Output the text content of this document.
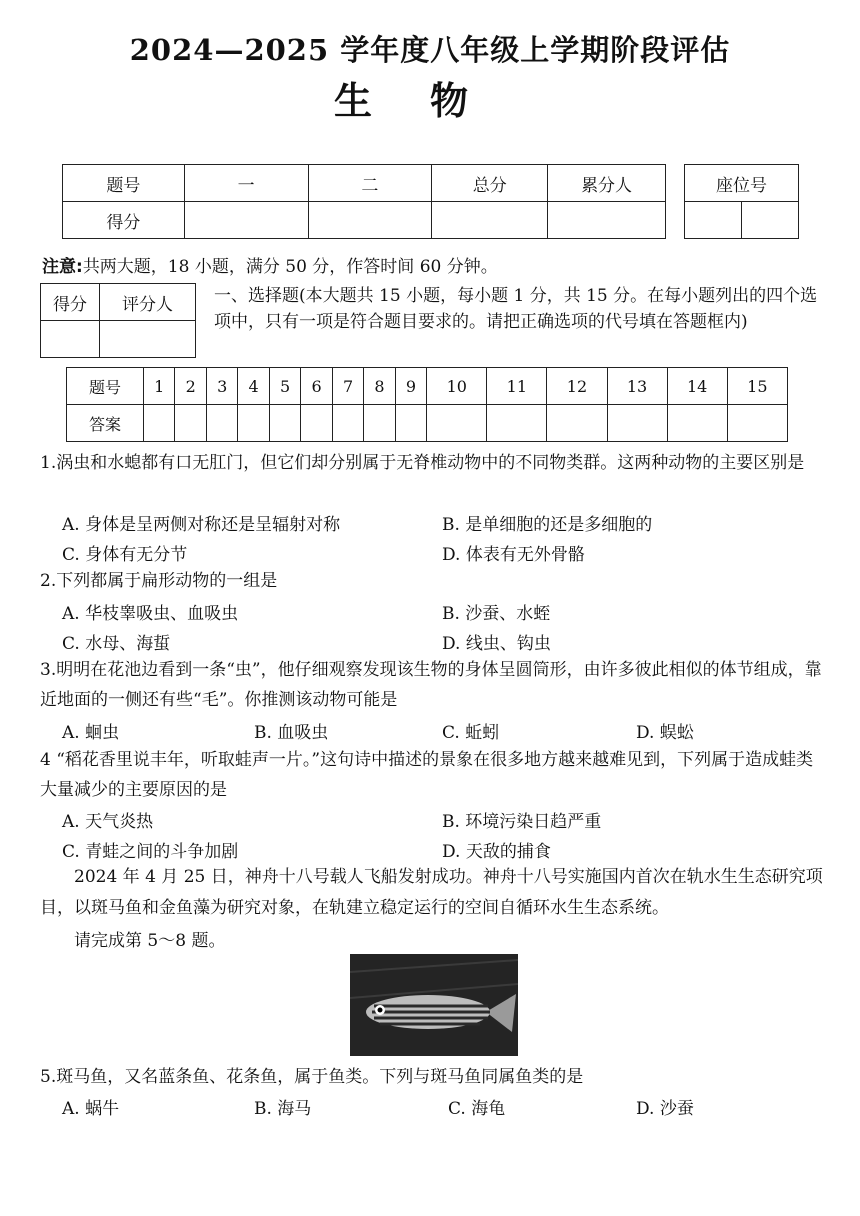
2024—2025 学年度八年级上学期阶段评估
生物
题号	一	二	总分	累分人
得分				
座位号

注意:共两大题，18 小题，满分 50 分，作答时间 60 分钟。
得分	评分人
	一、选择题(本大题共 15 小题，每小题 1 分，共 15 分。在每小题列出的四个选项中，只有一项是符合题目要求的。请把正确选项的代号填在答题框内)
题号	1	2	3	4	5	6	7	8	9	10	11	12	13	14	15
答案															
1.涡虫和水螅都有口无肛门，但它们却分别属于无脊椎动物中的不同物类群。这两种动物的主要区别是
A. 身体是呈两侧对称还是呈辐射对称	B. 是单细胞的还是多细胞的
C. 身体有无分节	D. 体表有无外骨骼
2.下列都属于扁形动物的一组是
A. 华枝睾吸虫、血吸虫	B. 沙蚕、水蛭
C. 水母、海蜇	D. 线虫、钩虫
3.明明在花池边看到一条“虫”，他仔细观察发现该生物的身体呈圆筒形，由许多彼此相似的体节组成，靠近地面的一侧还有些“毛”。你推测该动物可能是
A. 蛔虫	B. 血吸虫	C. 蚯蚓	D. 蜈蚣
4 “稻花香里说丰年，听取蛙声一片。”这句诗中描述的景象在很多地方越来越难见到，下列属于造成蛙类大量减少的主要原因的是
A. 天气炎热	B. 环境污染日趋严重
C. 青蛙之间的斗争加剧	D. 天敌的捕食
2024 年 4 月 25 日，神舟十八号载人飞船发射成功。神舟十八号实施国内首次在轨水生生态研究项目，以斑马鱼和金鱼藻为研究对象，在轨建立稳定运行的空间自循环水生生态系统。
请完成第 5～8 题。
5.斑马鱼，又名蓝条鱼、花条鱼，属于鱼类。下列与斑马鱼同属鱼类的是
A. 蜗牛	B. 海马	C. 海龟	D. 沙蚕
